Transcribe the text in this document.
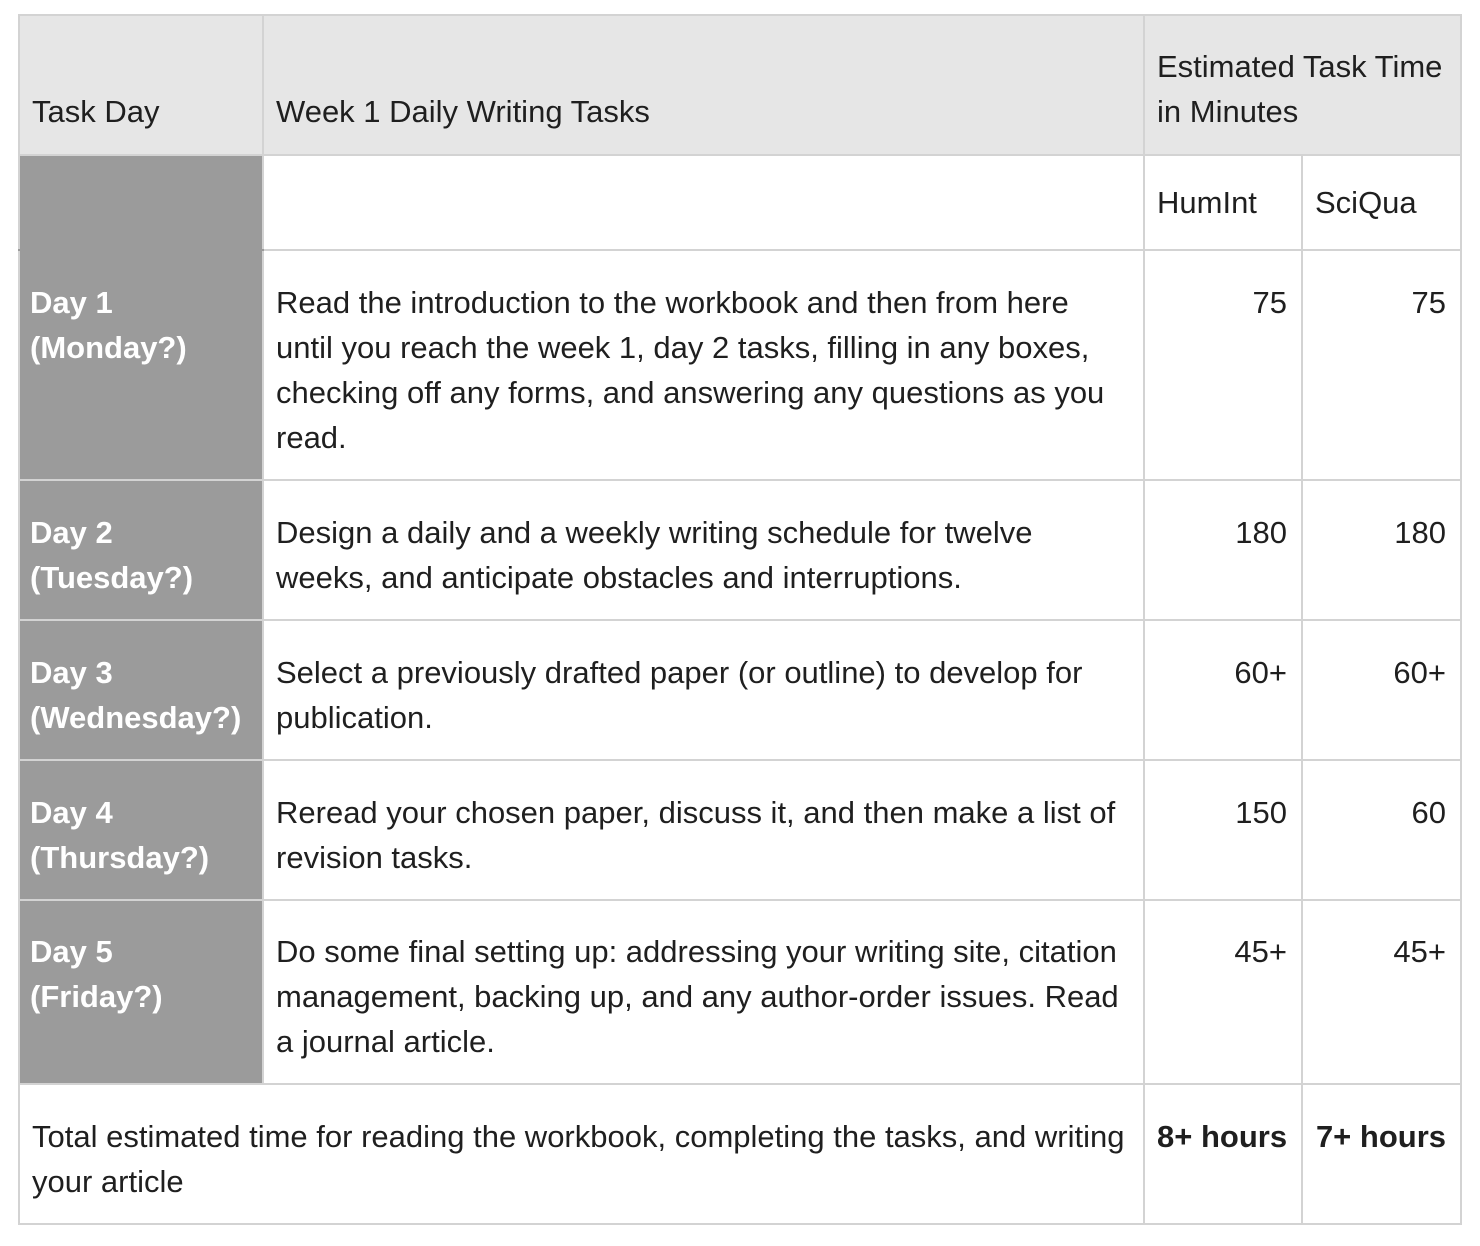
Task Day	Week 1 Daily Writing Tasks	Estimated Task Time in Minutes	
		HumInt	SciQua
Day 1
(Monday?)	Read the introduction to the workbook and then from here until you reach the week 1, day 2 tasks, filling in any boxes, checking off any forms, and answering any questions as you read.	75	75
Day 2
(Tuesday?)	Design a daily and a weekly writing schedule for twelve weeks, and anticipate obstacles and interruptions.	180	180
Day 3
(Wednesday?)	Select a previously drafted paper (or outline) to develop for publication.	60+	60+
Day 4
(Thursday?)	Reread your chosen paper, discuss it, and then make a list of revision tasks.	150	60
Day 5
(Friday?)	Do some final setting up: addressing your writing site, citation management, backing up, and any author-order issues. Read a journal article.	45+	45+
Total estimated time for reading the workbook, completing the tasks, and writing your article		8+ hours	7+ hours
